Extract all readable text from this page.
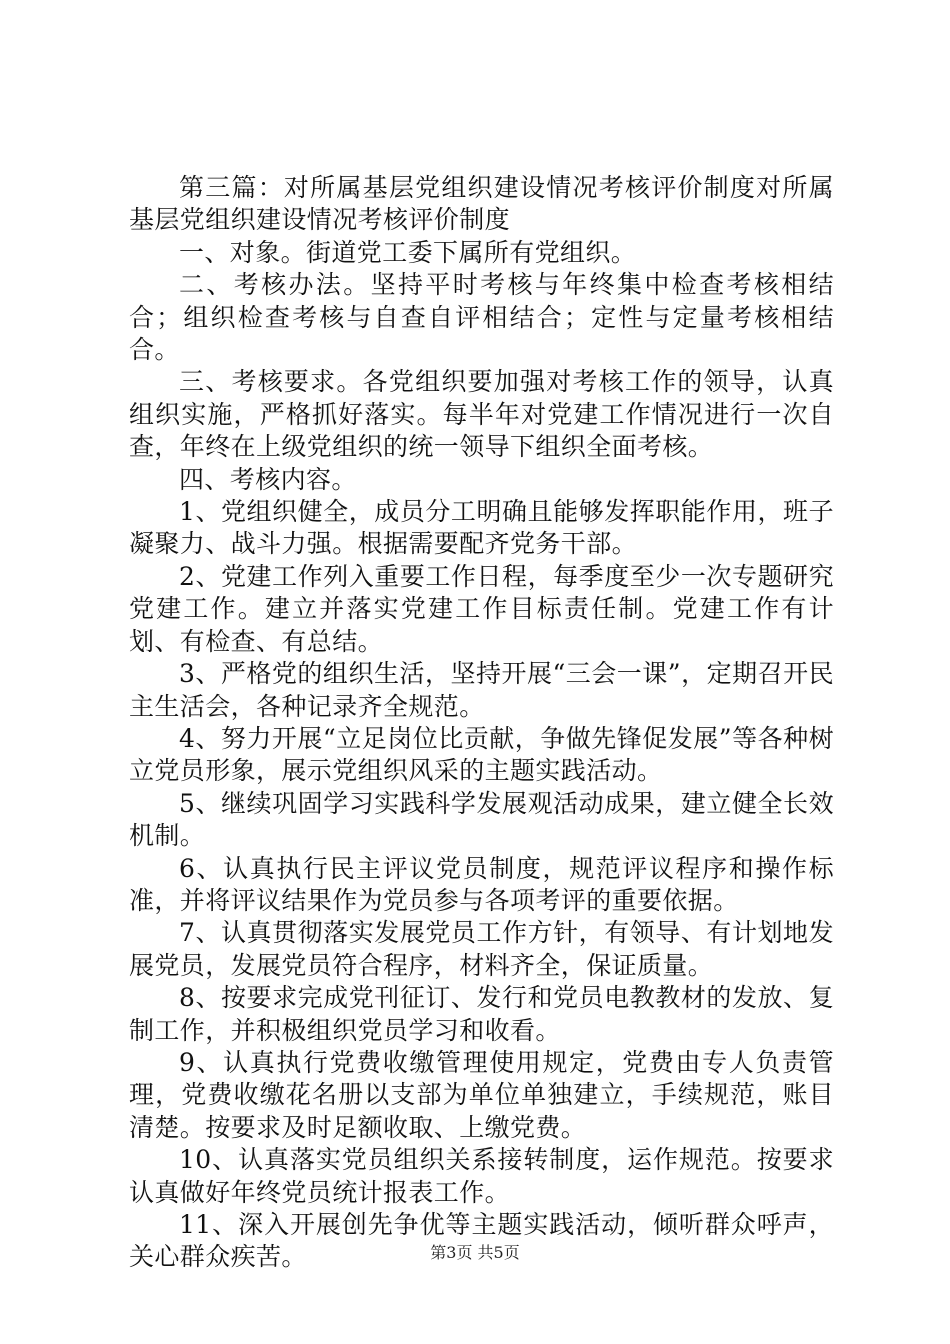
第三篇：对所属基层党组织建设情况考核评价制度对所属基层党组织建设情况考核评价制度

一、对象。街道党工委下属所有党组织。

二、考核办法。坚持平时考核与年终集中检查考核相结合；组织检查考核与自查自评相结合；定性与定量考核相结合。

三、考核要求。各党组织要加强对考核工作的领导，认真组织实施，严格抓好落实。每半年对党建工作情况进行一次自查，年终在上级党组织的统一领导下组织全面考核。

四、考核内容。

1、党组织健全，成员分工明确且能够发挥职能作用，班子凝聚力、战斗力强。根据需要配齐党务干部。

2、党建工作列入重要工作日程，每季度至少一次专题研究党建工作。建立并落实党建工作目标责任制。党建工作有计划、有检查、有总结。

3、严格党的组织生活，坚持开展“三会一课”，定期召开民主生活会，各种记录齐全规范。

4、努力开展“立足岗位比贡献，争做先锋促发展”等各种树立党员形象，展示党组织风采的主题实践活动。

5、继续巩固学习实践科学发展观活动成果，建立健全长效机制。

6、认真执行民主评议党员制度，规范评议程序和操作标准，并将评议结果作为党员参与各项考评的重要依据。

7、认真贯彻落实发展党员工作方针，有领导、有计划地发展党员，发展党员符合程序，材料齐全，保证质量。

8、按要求完成党刊征订、发行和党员电教教材的发放、复制工作，并积极组织党员学习和收看。

9、认真执行党费收缴管理使用规定，党费由专人负责管理，党费收缴花名册以支部为单位单独建立，手续规范，账目清楚。按要求及时足额收取、上缴党费。

10、认真落实党员组织关系接转制度，运作规范。按要求认真做好年终党员统计报表工作。

11、深入开展创先争优等主题实践活动，倾听群众呼声，关心群众疾苦。	第3页 共5页
